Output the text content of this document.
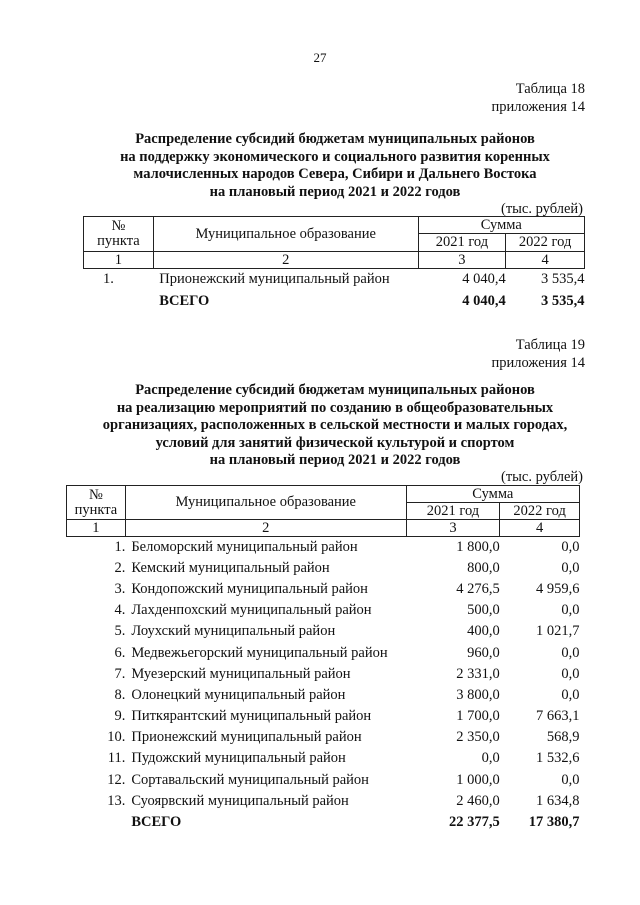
27
Таблица 18
приложения 14
Распределение субсидий бюджетам муниципальных районов
на поддержку экономического и социального развития коренных
малочисленных народов Севера, Сибири и Дальнего Востока
на плановый период 2021 и 2022 годов
(тыс. рублей)
№
пункта	Муниципальное образование	Сумма	
		2021 год	2022 год
1	2	3	4
1.	Прионежский муниципальный район	4 040,4	3 535,4
	ВСЕГО	4 040,4	3 535,4
Таблица 19
приложения 14
Распределение субсидий бюджетам муниципальных районов
на реализацию мероприятий по созданию в общеобразовательных
организациях, расположенных в сельской местности и малых городах,
условий для занятий физической культурой и спортом
на плановый период 2021 и 2022 годов
(тыс. рублей)
№
пункта	Муниципальное образование	Сумма	
		2021 год	2022 год
1	2	3	4
1.	Беломорский муниципальный район	1 800,0	0,0
2.	Кемский муниципальный район	800,0	0,0
3.	Кондопожский муниципальный район	4 276,5	4 959,6
4.	Лахденпохский муниципальный район	500,0	0,0
5.	Лоухский муниципальный район	400,0	1 021,7
6.	Медвежьегорский муниципальный район	960,0	0,0
7.	Муезерский муниципальный район	2 331,0	0,0
8.	Олонецкий муниципальный район	3 800,0	0,0
9.	Питкярантский муниципальный район	1 700,0	7 663,1
10.	Прионежский муниципальный район	2 350,0	568,9
11.	Пудожский муниципальный район	0,0	1 532,6
12.	Сортавальский муниципальный район	1 000,0	0,0
13.	Суоярвский муниципальный район	2 460,0	1 634,8
	ВСЕГО	22 377,5	17 380,7
